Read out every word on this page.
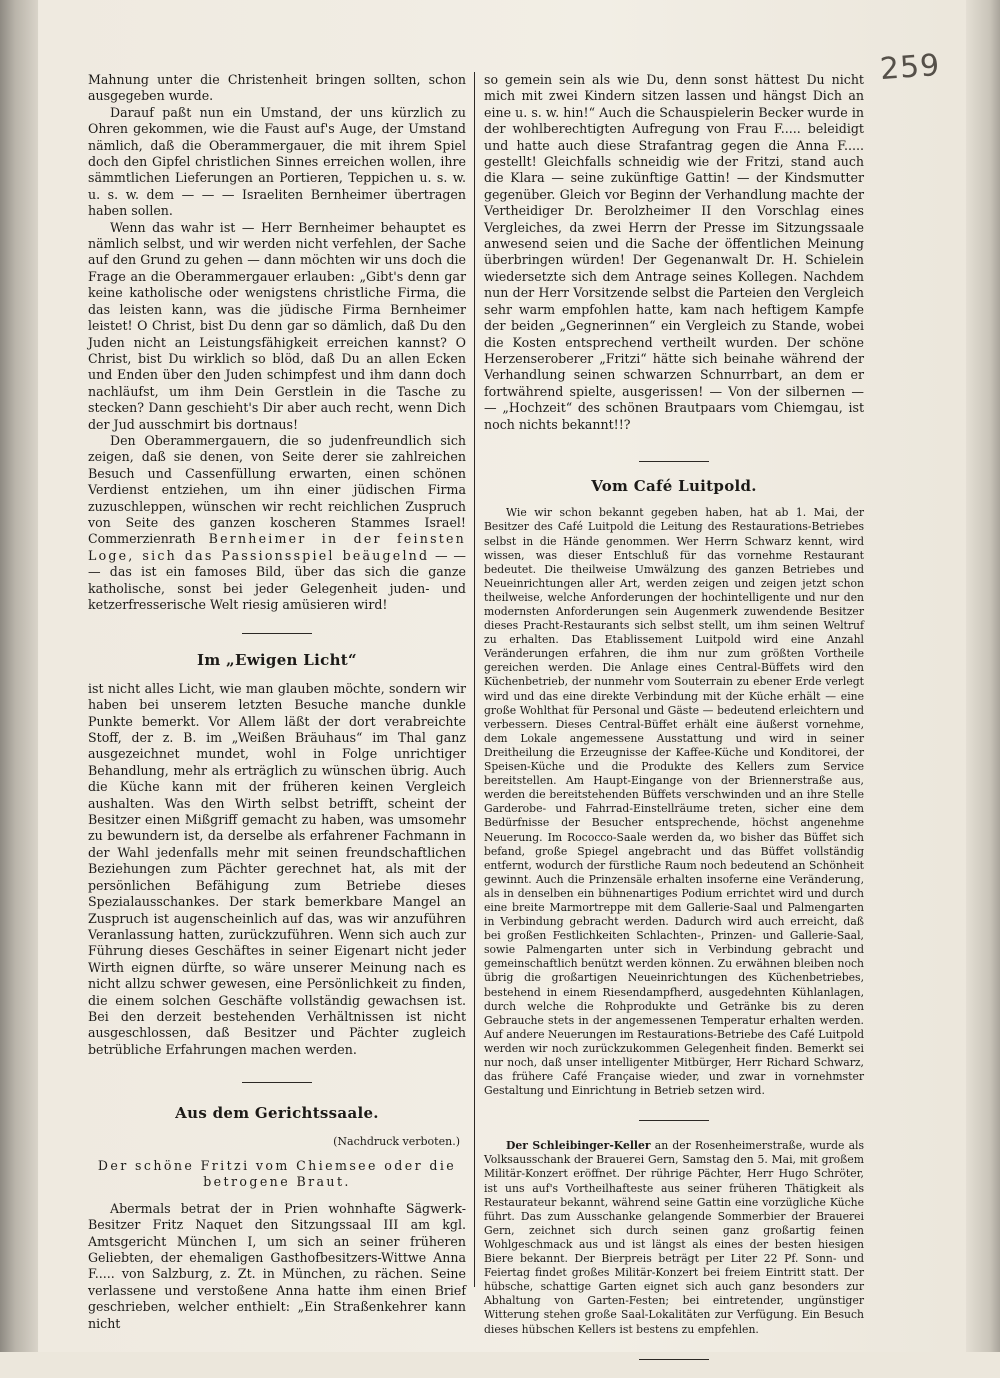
259

Mahnung unter die Christenheit bringen sollten, schon ausgegeben wurde.

Darauf paßt nun ein Umstand, der uns kürzlich zu Ohren gekommen, wie die Faust auf's Auge, der Umstand nämlich, daß die Oberammergauer, die mit ihrem Spiel doch den Gipfel christlichen Sinnes erreichen wollen, ihre sämmtlichen Lieferungen an Portieren, Teppichen u. s. w. u. s. w. dem — — — Israeliten Bernheimer übertragen haben sollen.

Wenn das wahr ist — Herr Bernheimer behauptet es nämlich selbst, und wir werden nicht verfehlen, der Sache auf den Grund zu gehen — dann möchten wir uns doch die Frage an die Oberammergauer erlauben: „Gibt's denn gar keine katholische oder wenigstens christliche Firma, die das leisten kann, was die jüdische Firma Bernheimer leistet! O Christ, bist Du denn gar so dämlich, daß Du den Juden nicht an Leistungsfähigkeit erreichen kannst? O Christ, bist Du wirklich so blöd, daß Du an allen Ecken und Enden über den Juden schimpfest und ihm dann doch nachläufst, um ihm Dein Gerstlein in die Tasche zu stecken? Dann geschieht's Dir aber auch recht, wenn Dich der Jud ausschmirt bis dortnaus!

Den Oberammergauern, die so judenfreundlich sich zeigen, daß sie denen, von Seite derer sie zahlreichen Besuch und Cassenfüllung erwarten, einen schönen Verdienst entziehen, um ihn einer jüdischen Firma zuzuschleppen, wünschen wir recht reichlichen Zuspruch von Seite des ganzen koscheren Stammes Israel! Commerzienrath Bernheimer in der feinsten Loge, sich das Passionsspiel beäugelnd — — — das ist ein famoses Bild, über das sich die ganze katholische, sonst bei jeder Gelegenheit juden- und ketzerfresserische Welt riesig amüsieren wird!

Im „Ewigen Licht“

ist nicht alles Licht, wie man glauben möchte, sondern wir haben bei unserem letzten Besuche manche dunkle Punkte bemerkt. Vor Allem läßt der dort verabreichte Stoff, der z. B. im „Weißen Bräuhaus“ im Thal ganz ausgezeichnet mundet, wohl in Folge unrichtiger Behandlung, mehr als erträglich zu wünschen übrig. Auch die Küche kann mit der früheren keinen Vergleich aushalten. Was den Wirth selbst betrifft, scheint der Besitzer einen Mißgriff gemacht zu haben, was umsomehr zu bewundern ist, da derselbe als erfahrener Fachmann in der Wahl jedenfalls mehr mit seinen freundschaftlichen Beziehungen zum Pächter gerechnet hat, als mit der persönlichen Befähigung zum Betriebe dieses Spezialausschankes. Der stark bemerkbare Mangel an Zuspruch ist augenscheinlich auf das, was wir anzuführen Veranlassung hatten, zurückzuführen. Wenn sich auch zur Führung dieses Geschäftes in seiner Eigenart nicht jeder Wirth eignen dürfte, so wäre unserer Meinung nach es nicht allzu schwer gewesen, eine Persönlichkeit zu finden, die einem solchen Geschäfte vollständig gewachsen ist. Bei den derzeit bestehenden Verhältnissen ist nicht ausgeschlossen, daß Besitzer und Pächter zugleich betrübliche Erfahrungen machen werden.

Aus dem Gerichtssaale.
(Nachdruck verboten.)
Der schöne Fritzi vom Chiemsee oder die betrogene Braut.

Abermals betrat der in Prien wohnhafte Sägwerk-Besitzer Fritz Naquet den Sitzungssaal III am kgl. Amtsgericht München I, um sich an seiner früheren Geliebten, der ehemaligen Gasthofbesitzers-Wittwe Anna F..... von Salzburg, z. Zt. in München, zu rächen. Seine verlassene und verstoßene Anna hatte ihm einen Brief geschrieben, welcher enthielt: „Ein Straßenkehrer kann nicht

so gemein sein als wie Du, denn sonst hättest Du nicht mich mit zwei Kindern sitzen lassen und hängst Dich an eine u. s. w. hin!“ Auch die Schauspielerin Becker wurde in der wohlberechtigten Aufregung von Frau F..... beleidigt und hatte auch diese Strafantrag gegen die Anna F..... gestellt! Gleichfalls schneidig wie der Fritzi, stand auch die Klara — seine zukünftige Gattin! — der Kindsmutter gegenüber. Gleich vor Beginn der Verhandlung machte der Vertheidiger Dr. Berolzheimer II den Vorschlag eines Vergleiches, da zwei Herrn der Presse im Sitzungssaale anwesend seien und die Sache der öffentlichen Meinung überbringen würden! Der Gegenanwalt Dr. H. Schielein wiedersetzte sich dem Antrage seines Kollegen. Nachdem nun der Herr Vorsitzende selbst die Parteien den Vergleich sehr warm empfohlen hatte, kam nach heftigem Kampfe der beiden „Gegnerinnen“ ein Vergleich zu Stande, wobei die Kosten entsprechend vertheilt wurden. Der schöne Herzenseroberer „Fritzi“ hätte sich beinahe während der Verhandlung seinen schwarzen Schnurrbart, an dem er fortwährend spielte, ausgerissen! — Von der silbernen — — „Hochzeit“ des schönen Brautpaars vom Chiemgau, ist noch nichts bekannt!!?

Vom Café Luitpold.

Wie wir schon bekannt gegeben haben, hat ab 1. Mai, der Besitzer des Café Luitpold die Leitung des Restaurations-Betriebes selbst in die Hände genommen. Wer Herrn Schwarz kennt, wird wissen, was dieser Entschluß für das vornehme Restaurant bedeutet. Die theilweise Umwälzung des ganzen Betriebes und Neueinrichtungen aller Art, werden zeigen und zeigen jetzt schon theilweise, welche Anforderungen der hochintelligente und nur den modernsten Anforderungen sein Augenmerk zuwendende Besitzer dieses Pracht-Restaurants sich selbst stellt, um ihm seinen Weltruf zu erhalten. Das Etablissement Luitpold wird eine Anzahl Veränderungen erfahren, die ihm nur zum größten Vortheile gereichen werden. Die Anlage eines Central-Büffets wird den Küchenbetrieb, der nunmehr vom Souterrain zu ebener Erde verlegt wird und das eine direkte Verbindung mit der Küche erhält — eine große Wohlthat für Personal und Gäste — bedeutend erleichtern und verbessern. Dieses Central-Büffet erhält eine äußerst vornehme, dem Lokale angemessene Ausstattung und wird in seiner Dreitheilung die Erzeugnisse der Kaffee-Küche und Konditorei, der Speisen-Küche und die Produkte des Kellers zum Service bereitstellen. Am Haupt-Eingange von der Briennerstraße aus, werden die bereitstehenden Büffets verschwinden und an ihre Stelle Garderobe- und Fahrrad-Einstellräume treten, sicher eine dem Bedürfnisse der Besucher entsprechende, höchst angenehme Neuerung. Im Rococco-Saale werden da, wo bisher das Büffet sich befand, große Spiegel angebracht und das Büffet vollständig entfernt, wodurch der fürstliche Raum noch bedeutend an Schönheit gewinnt. Auch die Prinzensäle erhalten insoferne eine Veränderung, als in denselben ein bühnenartiges Podium errichtet wird und durch eine breite Marmortreppe mit dem Gallerie-Saal und Palmengarten in Verbindung gebracht werden. Dadurch wird auch erreicht, daß bei großen Festlichkeiten Schlachten-, Prinzen- und Gallerie-Saal, sowie Palmengarten unter sich in Verbindung gebracht und gemeinschaftlich benützt werden können. Zu erwähnen bleiben noch übrig die großartigen Neueinrichtungen des Küchenbetriebes, bestehend in einem Riesendampfherd, ausgedehnten Kühlanlagen, durch welche die Rohprodukte und Getränke bis zu deren Gebrauche stets in der angemessenen Temperatur erhalten werden. Auf andere Neuerungen im Restaurations-Betriebe des Café Luitpold werden wir noch zurückzukommen Gelegenheit finden. Bemerkt sei nur noch, daß unser intelligenter Mitbürger, Herr Richard Schwarz, das frühere Café Française wieder, und zwar in vornehmster Gestaltung und Einrichtung in Betrieb setzen wird.

Der Schleibinger-Keller an der Rosenheimerstraße, wurde als Volksausschank der Brauerei Gern, Samstag den 5. Mai, mit großem Militär-Konzert eröffnet. Der rührige Pächter, Herr Hugo Schröter, ist uns auf's Vortheilhafteste aus seiner früheren Thätigkeit als Restaurateur bekannt, während seine Gattin eine vorzügliche Küche führt. Das zum Ausschanke gelangende Sommerbier der Brauerei Gern, zeichnet sich durch seinen ganz großartig feinen Wohlgeschmack aus und ist längst als eines der besten hiesigen Biere bekannt. Der Bierpreis beträgt per Liter 22 Pf. Sonn- und Feiertag findet großes Militär-Konzert bei freiem Eintritt statt. Der hübsche, schattige Garten eignet sich auch ganz besonders zur Abhaltung von Garten-Festen; bei eintretender, ungünstiger Witterung stehen große Saal-Lokalitäten zur Verfügung. Ein Besuch dieses hübschen Kellers ist bestens zu empfehlen.
